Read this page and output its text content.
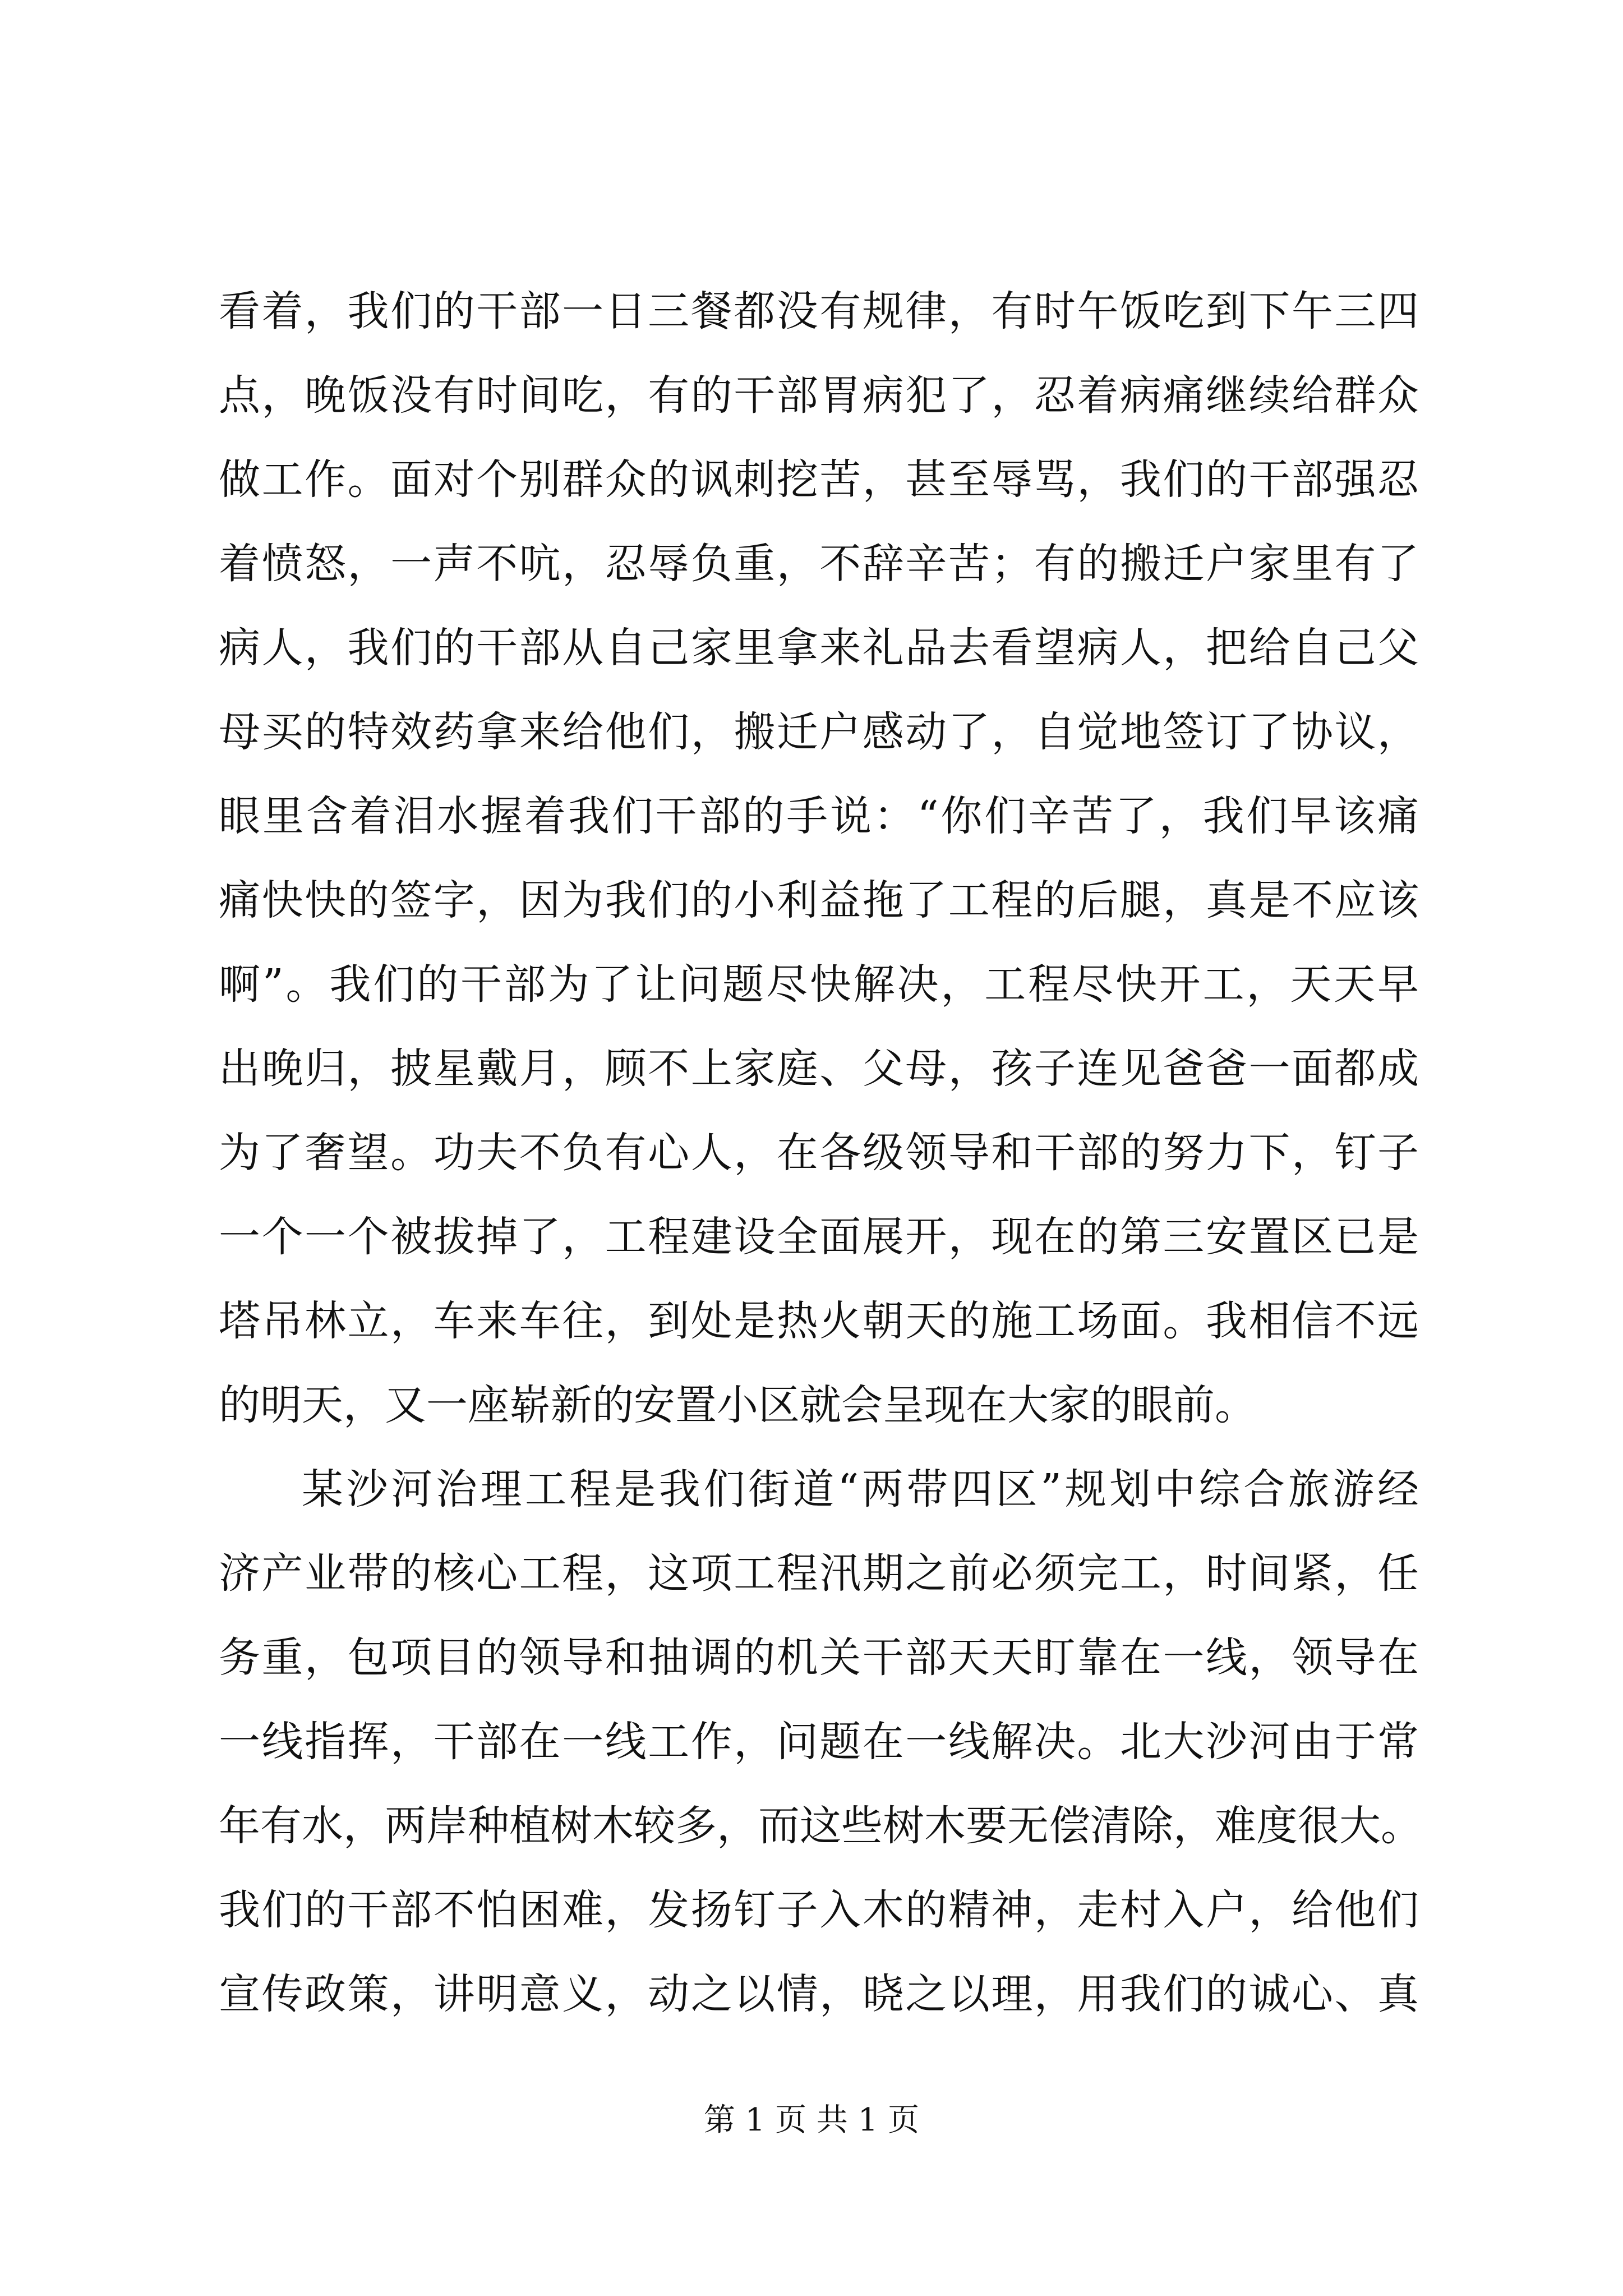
看着，我们的干部一日三餐都没有规律，有时午饭吃到下午三四
点，晚饭没有时间吃，有的干部胃病犯了，忍着病痛继续给群众
做工作。面对个别群众的讽刺挖苦，甚至辱骂，我们的干部强忍
着愤怒，一声不吭，忍辱负重，不辞辛苦；有的搬迁户家里有了
病人，我们的干部从自己家里拿来礼品去看望病人，把给自己父
母买的特效药拿来给他们，搬迁户感动了，自觉地签订了协议，
眼里含着泪水握着我们干部的手说：“你们辛苦了，我们早该痛
痛快快的签字，因为我们的小利益拖了工程的后腿，真是不应该
啊”。我们的干部为了让问题尽快解决，工程尽快开工，天天早
出晚归，披星戴月，顾不上家庭、父母，孩子连见爸爸一面都成
为了奢望。功夫不负有心人，在各级领导和干部的努力下，钉子
一个一个被拔掉了，工程建设全面展开，现在的第三安置区已是
塔吊林立，车来车往，到处是热火朝天的施工场面。我相信不远
的明天，又一座崭新的安置小区就会呈现在大家的眼前。
某沙河治理工程是我们街道“两带四区”规划中综合旅游经
济产业带的核心工程，这项工程汛期之前必须完工，时间紧，任
务重，包项目的领导和抽调的机关干部天天盯靠在一线，领导在
一线指挥，干部在一线工作，问题在一线解决。北大沙河由于常
年有水，两岸种植树木较多，而这些树木要无偿清除，难度很大。
我们的干部不怕困难，发扬钉子入木的精神，走村入户，给他们
宣传政策，讲明意义，动之以情，晓之以理，用我们的诚心、真
第 1 页 共 1 页
